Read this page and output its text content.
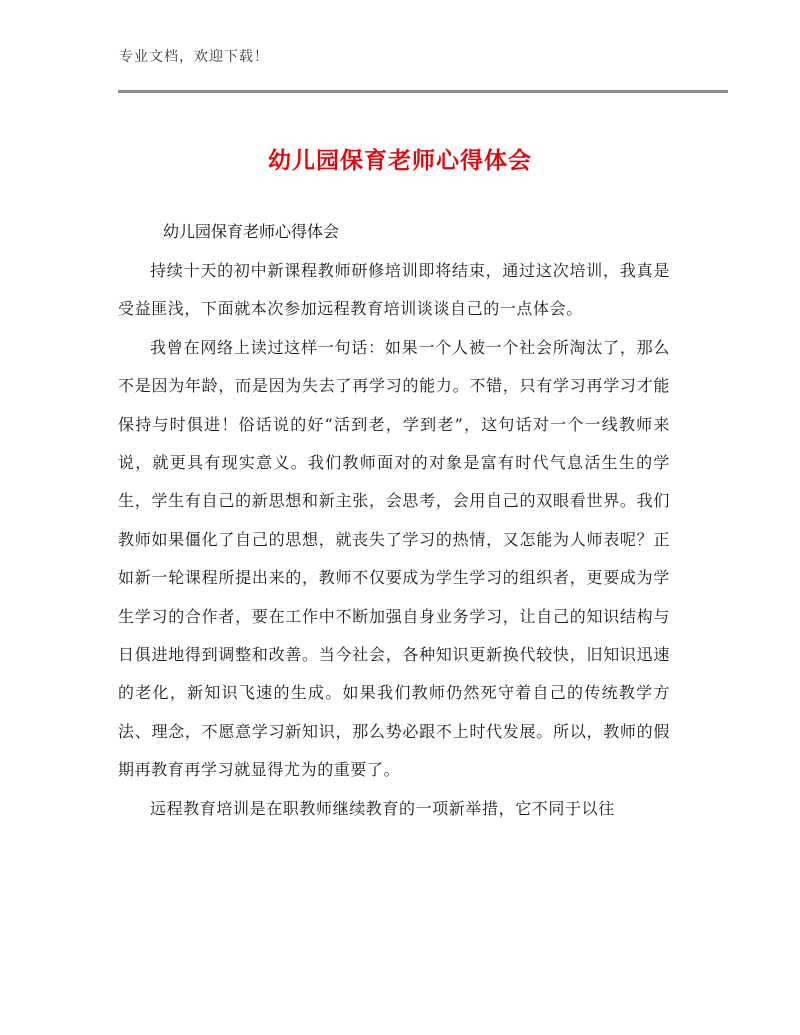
专业文档，欢迎下载！
幼儿园保育老师心得体会
幼儿园保育老师心得体会

持续十天的初中新课程教师研修培训即将结束，通过这次培训，我真是受益匪浅，下面就本次参加远程教育培训谈谈自己的一点体会。

我曾在网络上读过这样一句话：如果一个人被一个社会所淘汰了，那么不是因为年龄，而是因为失去了再学习的能力。不错，只有学习再学习才能保持与时俱进！俗话说的好“活到老，学到老”，这句话对一个一线教师来说，就更具有现实意义。我们教师面对的对象是富有时代气息活生生的学生，学生有自己的新思想和新主张，会思考，会用自己的双眼看世界。我们教师如果僵化了自己的思想，就丧失了学习的热情，又怎能为人师表呢？正如新一轮课程所提出来的，教师不仅要成为学生学习的组织者，更要成为学生学习的合作者，要在工作中不断加强自身业务学习，让自己的知识结构与日俱进地得到调整和改善。当今社会，各种知识更新换代较快，旧知识迅速的老化，新知识飞速的生成。如果我们教师仍然死守着自己的传统教学方法、理念，不愿意学习新知识，那么势必跟不上时代发展。所以，教师的假期再教育再学习就显得尤为的重要了。

远程教育培训是在职教师继续教育的一项新举措，它不同于以往
